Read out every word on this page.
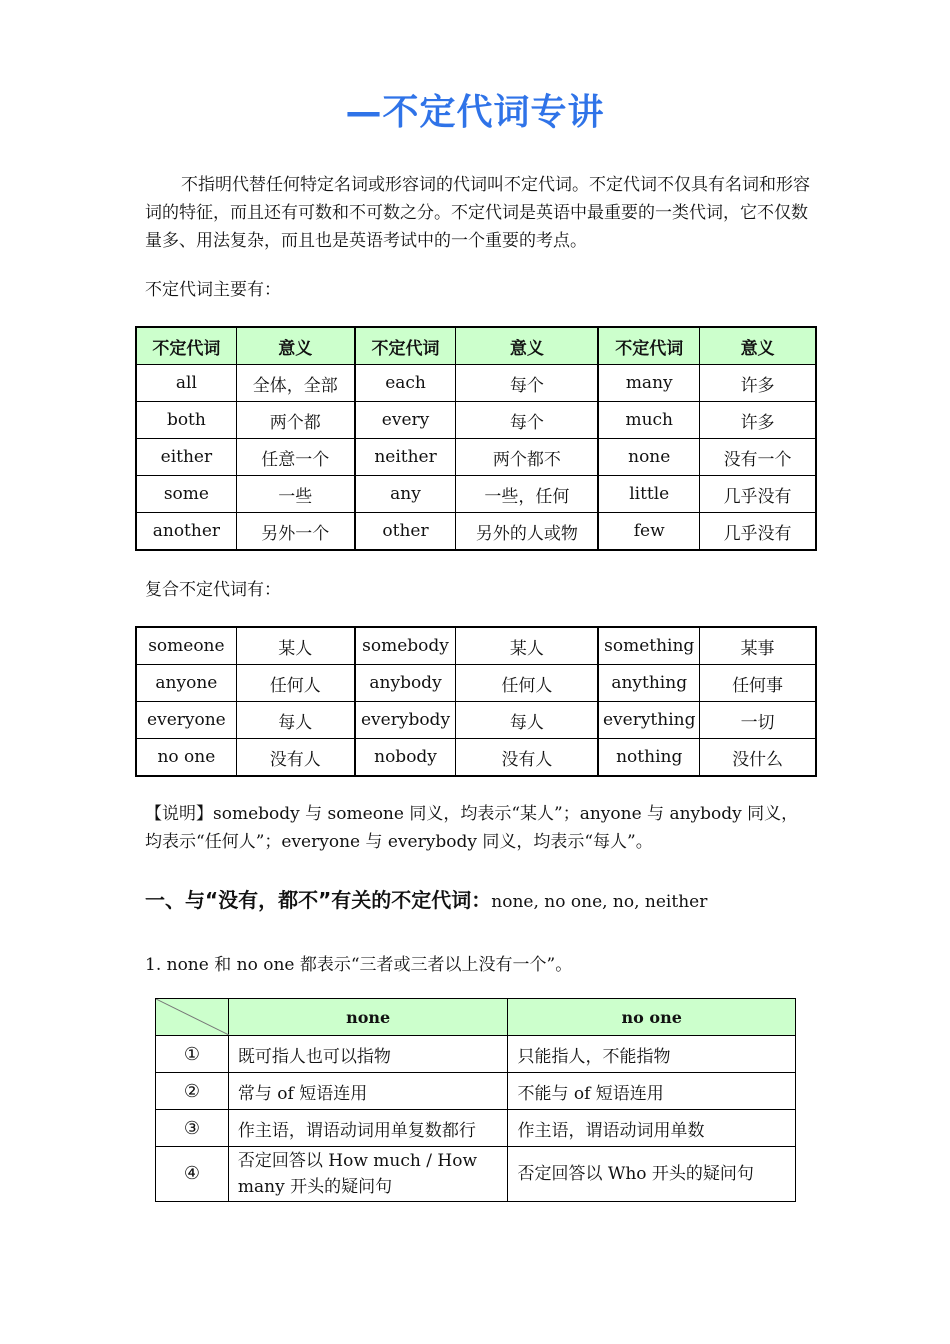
—不定代词专讲
不指明代替任何特定名词或形容词的代词叫不定代词。不定代词不仅具有名词和形容词的特征，而且还有可数和不可数之分。不定代词是英语中最重要的一类代词，它不仅数量多、用法复杂，而且也是英语考试中的一个重要的考点。
不定代词主要有：
不定代词	意义	不定代词	意义	不定代词	意义
all	全体，全部	each	每个	many	许多
both	两个都	every	每个	much	许多
either	任意一个	neither	两个都不	none	没有一个
some	一些	any	一些，任何	little	几乎没有
another	另外一个	other	另外的人或物	few	几乎没有
复合不定代词有：
someone	某人	somebody	某人	something	某事
anyone	任何人	anybody	任何人	anything	任何事
everyone	每人	everybody	每人	everything	一切
no one	没有人	nobody	没有人	nothing	没什么
【说明】somebody 与 someone 同义，均表示“某人”；anyone 与 anybody 同义，均表示“任何人”；everyone 与 everybody 同义，均表示“每人”。
一、与“没有，都不”有关的不定代词：none, no one, no, neither
1. none 和 no one 都表示“三者或三者以上没有一个”。
	none	no one
①	既可指人也可以指物	只能指人，不能指物
②	常与 of 短语连用	不能与 of 短语连用
③	作主语，谓语动词用单复数都行	作主语，谓语动词用单数
④	否定回答以 How much / How many 开头的疑问句	否定回答以 Who 开头的疑问句
